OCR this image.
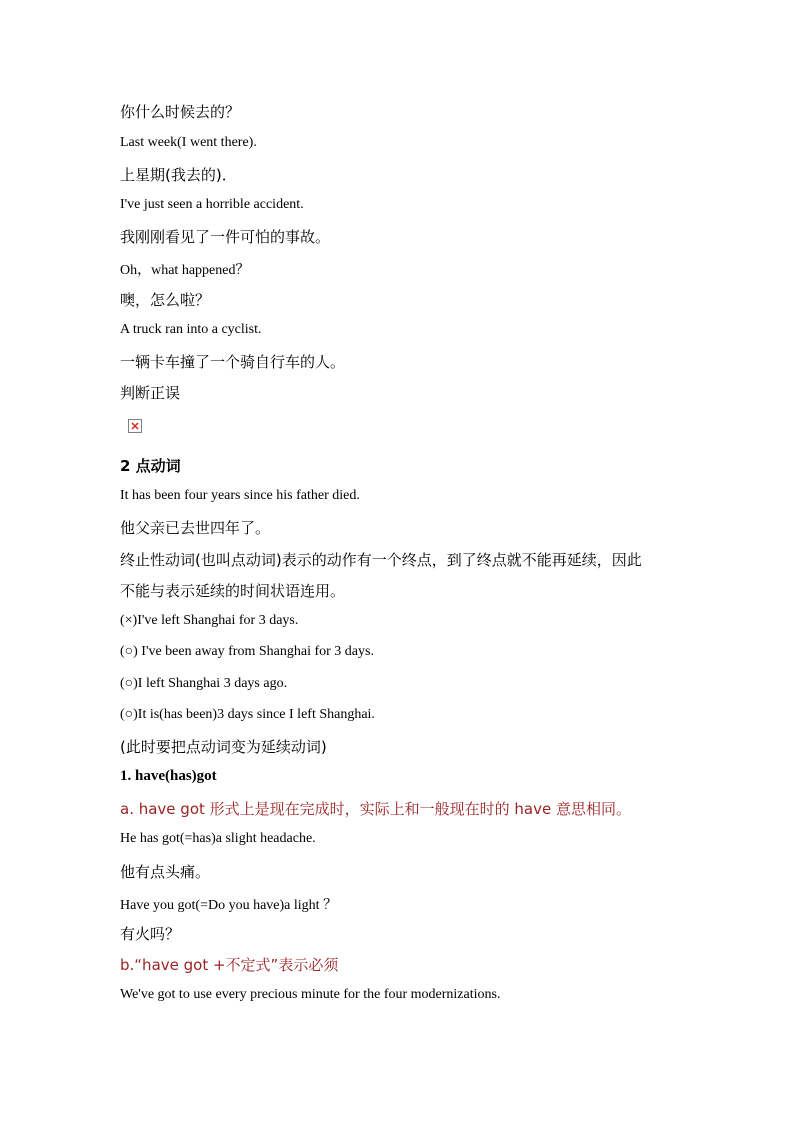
你什么时候去的？
Last week(I went there).
上星期(我去的)．
I've just seen a horrible accident.
我刚刚看见了一件可怕的事故。
Oh，what happened？
噢，怎么啦？
A truck ran into a cyclist.
一辆卡车撞了一个骑自行车的人。
判断正误
2 点动词
It has been four years since his father died.
他父亲已去世四年了。
终止性动词(也叫点动词)表示的动作有一个终点，到了终点就不能再延续，因此
不能与表示延续的时间状语连用。
(×)I've left Shanghai for 3 days.
(○) I've been away from Shanghai for 3 days.
(○)I left Shanghai 3 days ago.
(○)It is(has been)3 days since I left Shanghai.
(此时要把点动词变为延续动词)
1. have(has)got
a. have got 形式上是现在完成时，实际上和一般现在时的 have 意思相同。
He has got(=has)a slight headache.
他有点头痛。
Have you got(=Do you have)a light ？
有火吗？
b.“have got +不定式”表示必须
We've got to use every precious minute for the four modernizations.
